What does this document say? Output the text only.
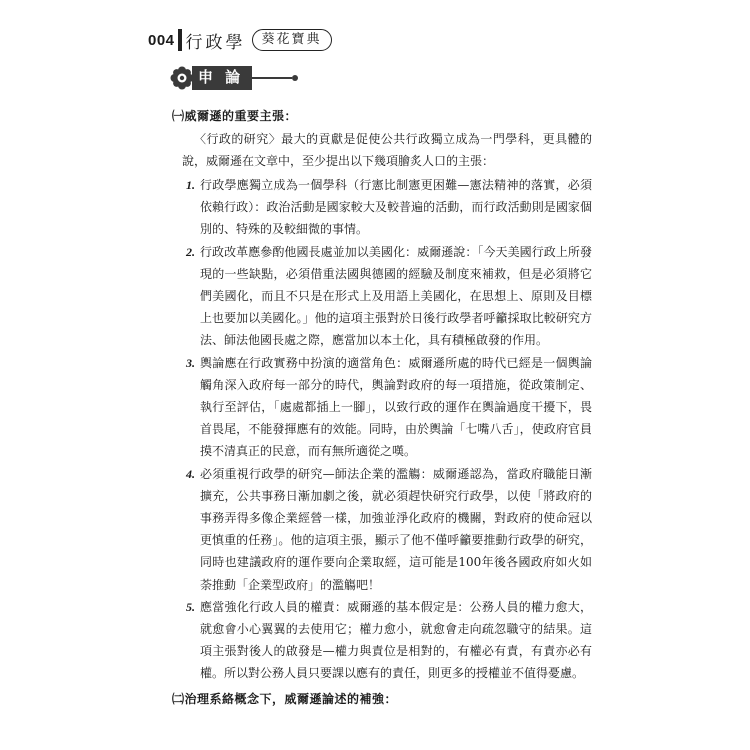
004 行政學	葵花寶典
申 論
㈠威爾遜的重要主張：
〈行政的研究〉最大的貢獻是促使公共行政獨立成為一門學科，更具體的說，威爾遜在文章中，至少提出以下幾項膾炙人口的主張：
1. 行政學應獨立成為一個學科（行憲比制憲更困難—憲法精神的落實，必須依賴行政）：政治活動是國家較大及較普遍的活動，而行政活動則是國家個別的、特殊的及較細微的事情。
2. 行政改革應參酌他國長處並加以美國化：威爾遜說：「今天美國行政上所發現的一些缺點，必須借重法國與德國的經驗及制度來補救，但是必須將它們美國化，而且不只是在形式上及用語上美國化，在思想上、原則及目標上也要加以美國化。」他的這項主張對於日後行政學者呼籲採取比較研究方法、師法他國長處之際，應當加以本土化，具有積極啟發的作用。
3. 輿論應在行政實務中扮演的適當角色：威爾遜所處的時代已經是一個輿論觸角深入政府每一部分的時代，輿論對政府的每一項措施，從政策制定、執行至評估，「處處都插上一腳」，以致行政的運作在輿論過度干擾下，畏首畏尾，不能發揮應有的效能。同時，由於輿論「七嘴八舌」，使政府官員摸不清真正的民意，而有無所適從之嘆。
4. 必須重視行政學的研究—師法企業的濫觴：威爾遜認為，當政府職能日漸擴充，公共事務日漸加劇之後，就必須趕快研究行政學，以使「將政府的事務弄得多像企業經營一樣，加強並淨化政府的機關，對政府的使命冠以更慎重的任務」。他的這項主張，顯示了他不僅呼籲要推動行政學的研究，同時也建議政府的運作要向企業取經，這可能是100年後各國政府如火如荼推動「企業型政府」的濫觴吧！
5. 應當強化行政人員的權責：威爾遜的基本假定是：公務人員的權力愈大，就愈會小心翼翼的去使用它；權力愈小，就愈會走向疏忽職守的結果。這項主張對後人的啟發是—權力與責位是相對的，有權必有責，有責亦必有權。所以對公務人員只要課以應有的責任，則更多的授權並不值得憂慮。
㈡治理系絡概念下，威爾遜論述的補強：
